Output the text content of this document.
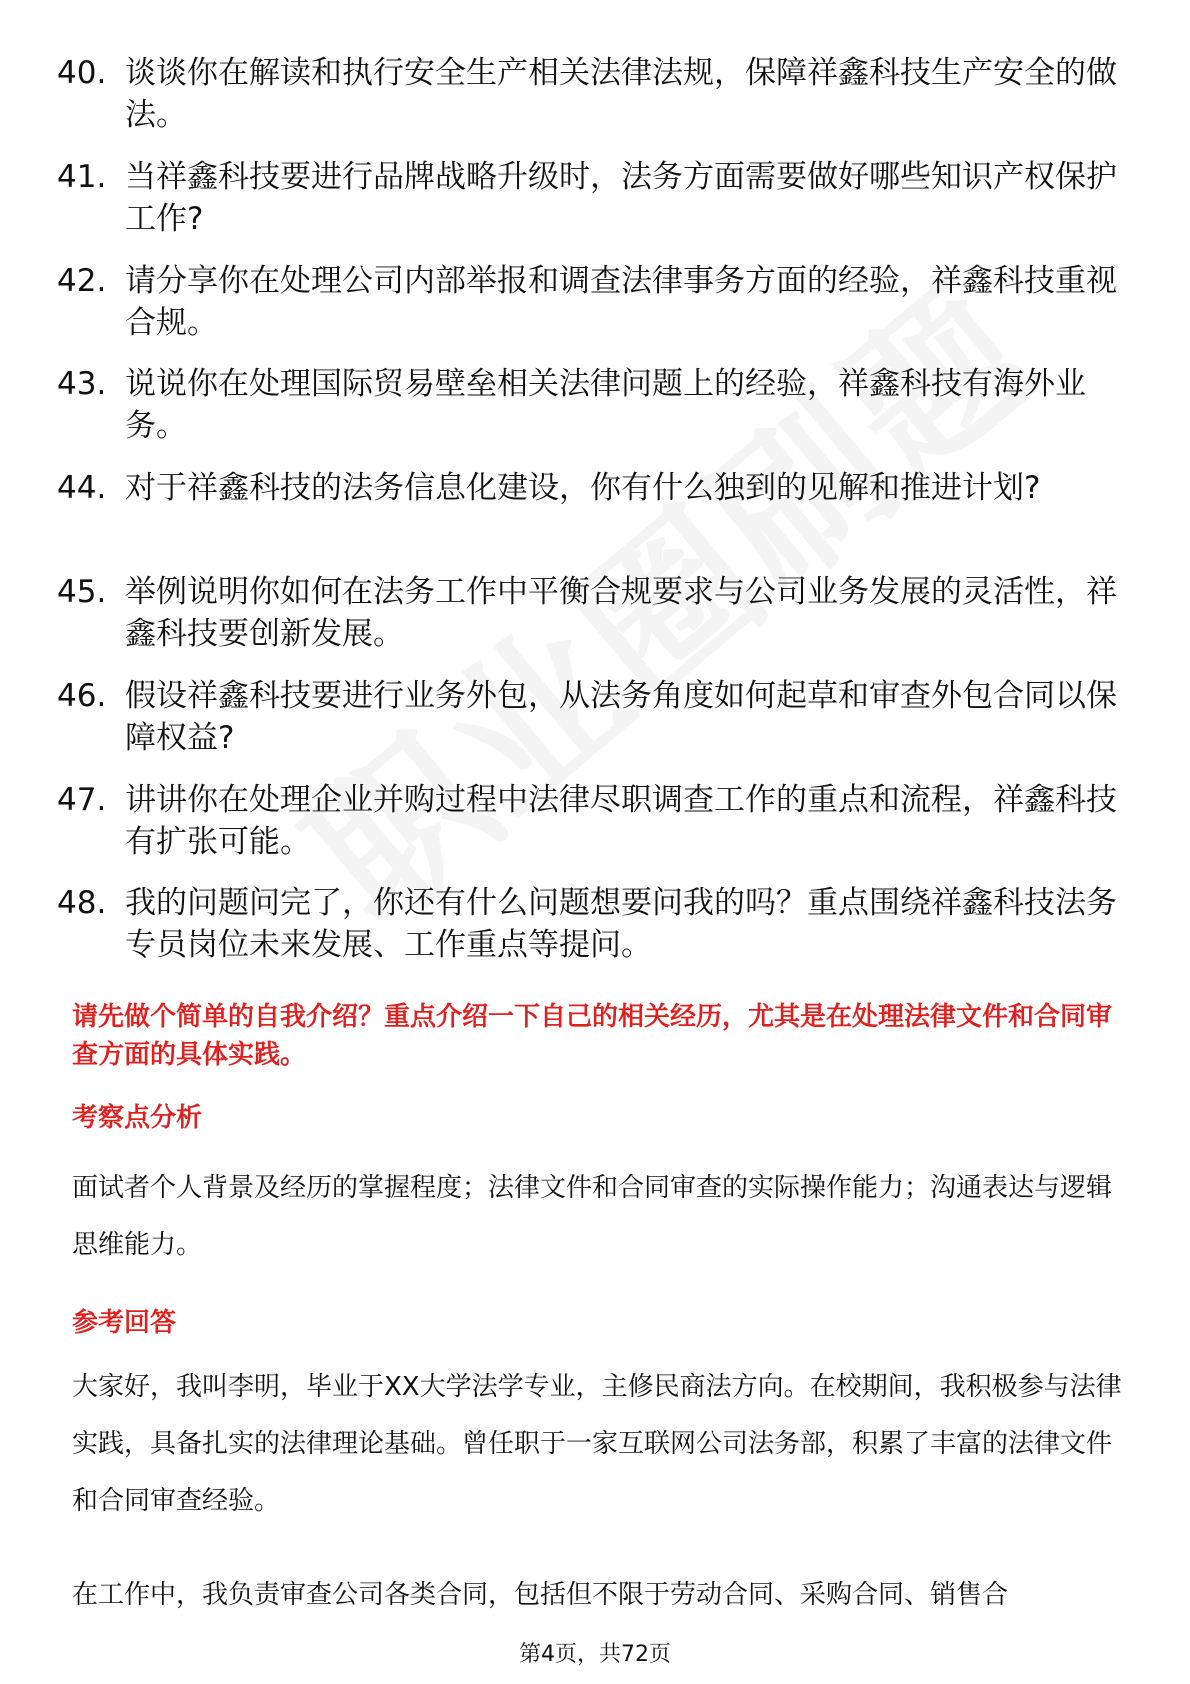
40. 谈谈你在解读和执行安全生产相关法律法规，保障祥鑫科技生产安全的做法。
41. 当祥鑫科技要进行品牌战略升级时，法务方面需要做好哪些知识产权保护工作?
42. 请分享你在处理公司内部举报和调查法律事务方面的经验，祥鑫科技重视合规。
43. 说说你在处理国际贸易壁垒相关法律问题上的经验，祥鑫科技有海外业务。
44. 对于祥鑫科技的法务信息化建设，你有什么独到的见解和推进计划?
45. 举例说明你如何在法务工作中平衡合规要求与公司业务发展的灵活性，祥鑫科技要创新发展。
46. 假设祥鑫科技要进行业务外包，从法务角度如何起草和审查外包合同以保障权益?
47. 讲讲你在处理企业并购过程中法律尽职调查工作的重点和流程，祥鑫科技有扩张可能。
48. 我的问题问完了，你还有什么问题想要问我的吗？重点围绕祥鑫科技法务专员岗位未来发展、工作重点等提问。
请先做个简单的自我介绍？重点介绍一下自己的相关经历，尤其是在处理法律文件和合同审查方面的具体实践。
考察点分析
面试者个人背景及经历的掌握程度；法律文件和合同审查的实际操作能力；沟通表达与逻辑思维能力。
参考回答
大家好，我叫李明，毕业于XX大学法学专业，主修民商法方向。在校期间，我积极参与法律实践，具备扎实的法律理论基础。曾任职于一家互联网公司法务部，积累了丰富的法律文件和合同审查经验。
在工作中，我负责审查公司各类合同，包括但不限于劳动合同、采购合同、销售合
第4页，共72页
